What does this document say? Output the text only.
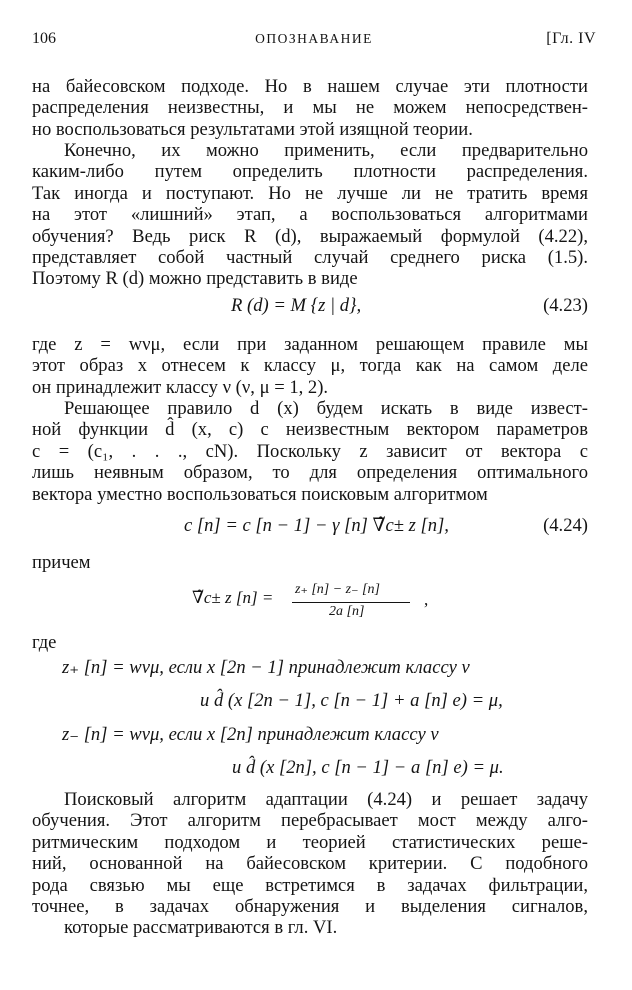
106	ОПОЗНАВАНИЕ	[Гл. IV
на байесовском подходе. Но в нашем случае эти плотности
распределения неизвестны, и мы не можем непосредствен-
но воспользоваться результатами этой изящной теории.
Конечно, их можно применить, если предварительно
каким-либо путем определить плотности распределения.
Так иногда и поступают. Но не лучше ли не тратить время
на этот «лишний» этап, а воспользоваться алгоритмами
обучения? Ведь риск R (d), выражаемый формулой (4.22),
представляет собой частный случай среднего риска (1.5).
Поэтому R (d) можно представить в виде
R (d) = M {z | d},	(4.23)
где z = wνμ, если при заданном решающем правиле мы
этот образ x отнесем к классу μ, тогда как на самом деле
он принадлежит классу ν (ν, μ = 1, 2).
Решающее правило d (x) будем искать в виде извест-
ной функции d̂ (x, c) с неизвестным вектором параметров
c = (c₁, . . ., cN). Поскольку z зависит от вектора c
лишь неявным образом, то для определения оптимального
вектора уместно воспользоваться поисковым алгоритмом
c [n] = c [n − 1] − γ [n] ∇̃c± z [n],	(4.24)
причем
∇̃c± z [n] = z₊ [n] − z₋ [n]
2a [n]
,
где
z₊ [n] = wνμ, если x [2n − 1] принадлежит классу ν
и d̂ (x [2n − 1], c [n − 1] + a [n] e) = μ,
z₋ [n] = wνμ, если x [2n] принадлежит классу ν
и d̂ (x [2n], c [n − 1] − a [n] e) = μ.
Поисковый алгоритм адаптации (4.24) и решает задачу
обучения. Этот алгоритм перебрасывает мост между алго-
ритмическим подходом и теорией статистических реше-
ний, основанной на байесовском критерии. С подобного
рода связью мы еще встретимся в задачах фильтрации,
точнее, в задачах обнаружения и выделения сигналов,
которые рассматриваются в гл. VI.
